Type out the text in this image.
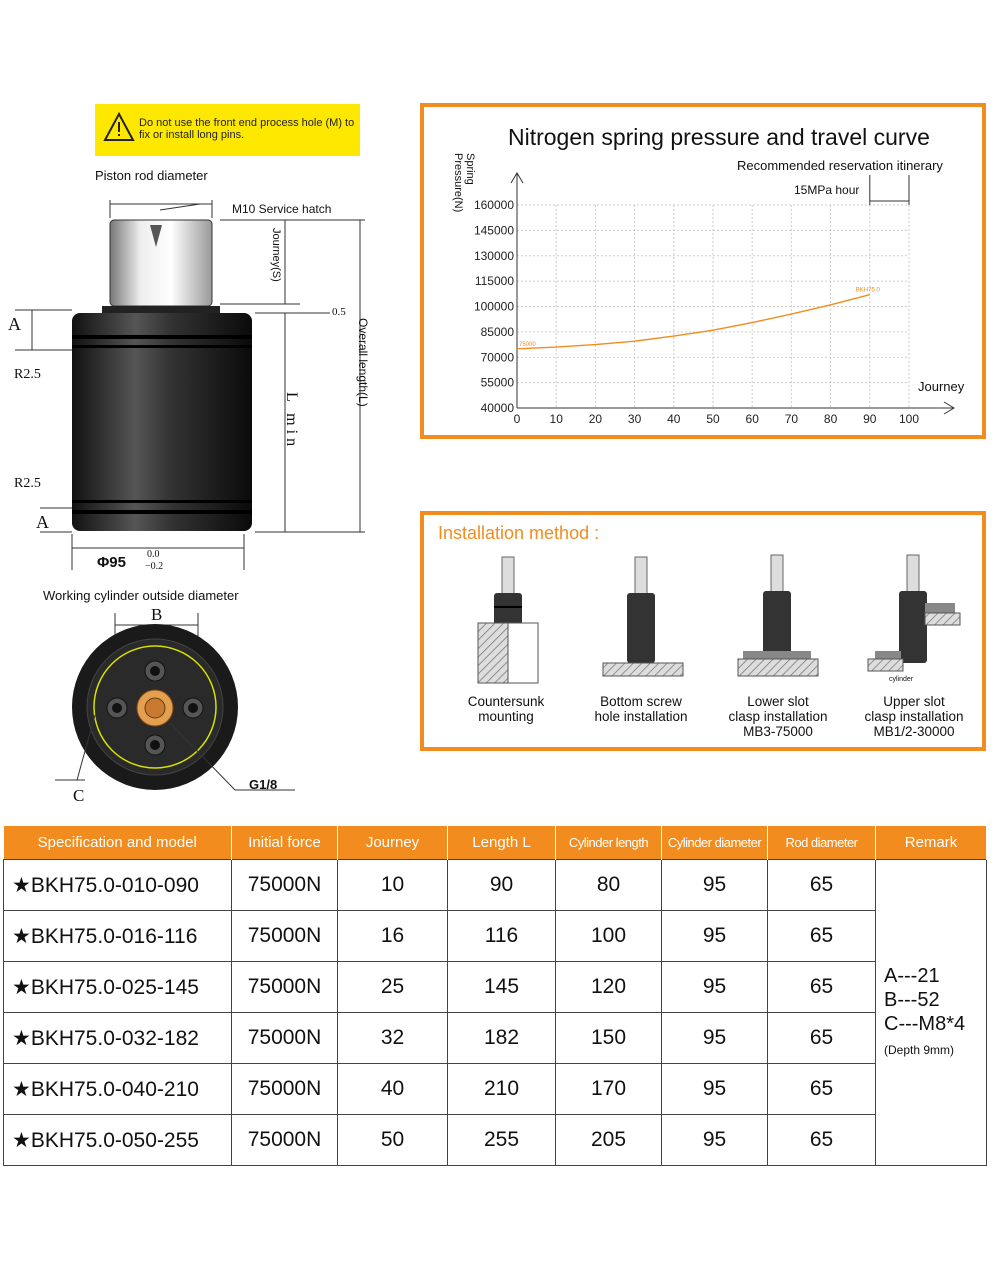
Do not use the front end process hole (M) to fix or install long pins.
Piston rod diameter
M10 Service hatch
Journey(S)
0.5
Overall length(L)
L min
A
R2.5
R2.5
A
Φ95 0.0
−0.2
Working cylinder outside diameter
B
C
G1/8
Nitrogen spring pressure and travel curve
Recommended reservation itinerary
15MPa hour
Spring Pressure(N)
Journey
0 10 20 30 40 50 60 70 80 90 100
40000
55000
70000
85000
100000
115000
130000
145000
160000
75000
BKH75.0
Installation method :
cylinder
Countersunk
mounting
Bottom screw
hole installation
Lower slot
clasp installation
MB3-75000
Upper slot
clasp installation
MB1/2-30000
Specification and model	Initial force	Journey	Length L	Cylinder length	Cylinder diameter	Rod diameter	Remark
★BKH75.0-010-090	75000N	10	90	80	95	65	A---21
B---52
C---M8*4
(Depth 9mm)

★BKH75.0-016-116	75000N	16	116	100	95	65	
★BKH75.0-025-145	75000N	25	145	120	95	65	
★BKH75.0-032-182	75000N	32	182	150	95	65	
★BKH75.0-040-210	75000N	40	210	170	95	65	
★BKH75.0-050-255	75000N	50	255	205	95	65	
